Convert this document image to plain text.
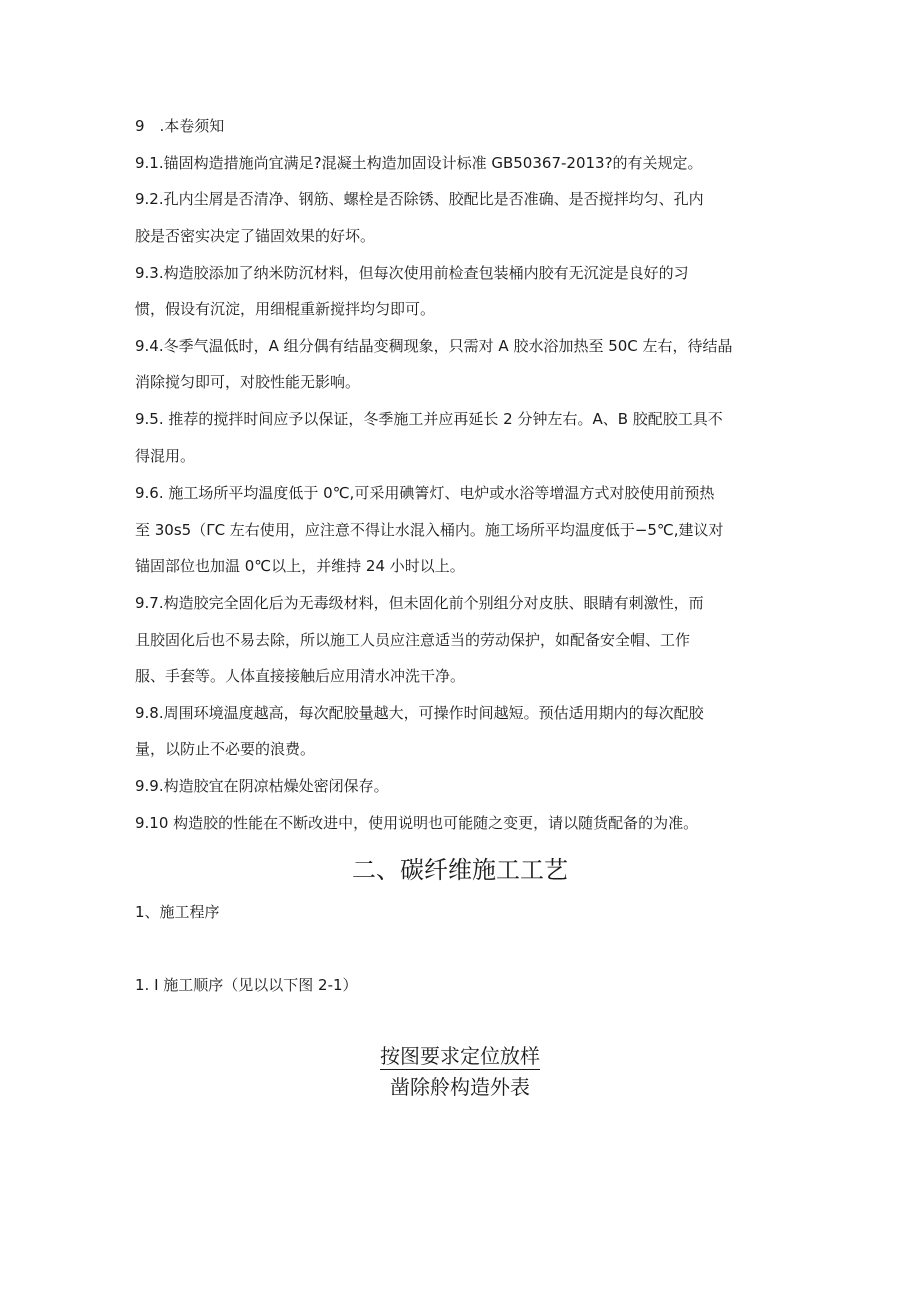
9　.本卷须知
9.1.锚固构造措施尚宜满足?混凝土构造加固设计标准 GB50367-2013?的有关规定。
9.2.孔内尘屑是否清净、钢筋、螺栓是否除锈、胶配比是否准确、是否搅拌均匀、孔内
胶是否密实决定了锚固效果的好坏。
9.3.构造胶添加了纳米防沉材料，但每次使用前检查包装桶内胶有无沉淀是良好的习
惯，假设有沉淀，用细棍重新搅拌均匀即可。
9.4.冬季气温低时，A 组分偶有结晶变稠现象，只需对 A 胶水浴加热至 50C 左右，待结晶
消除搅匀即可，对胶性能无影响。
9.5. 推荐的搅拌时间应予以保证，冬季施工并应再延长 2 分钟左右。A、B 胶配胶工具不
得混用。
9.6. 施工场所平均温度低于 0℃,可采用碘箐灯、电炉或水浴等增温方式对胶使用前预热
至 30s5（ΓC 左右使用，应注意不得让水混入桶内。施工场所平均温度低于−5℃,建议对
锚固部位也加温 0℃以上，并维持 24 小时以上。
9.7.构造胶完全固化后为无毒级材料，但未固化前个别组分对皮肤、眼睛有刺激性，而
且胶固化后也不易去除，所以施工人员应注意适当的劳动保护，如配备安全帽、工作
服、手套等。人体直接接触后应用清水冲洗干净。
9.8.周围环境温度越高，每次配胶量越大，可操作时间越短。预估适用期内的每次配胶
量，以防止不必要的浪费。
9.9.构造胶宜在阴凉枯燥处密闭保存。
9.10 构造胶的性能在不断改进中，使用说明也可能随之变更，请以随货配备的为准。
二、碳纤维施工工艺
1、施工程序
1. I 施工顺序（见以以下图 2-1）
按图要求定位放样
凿除舲构造外表
